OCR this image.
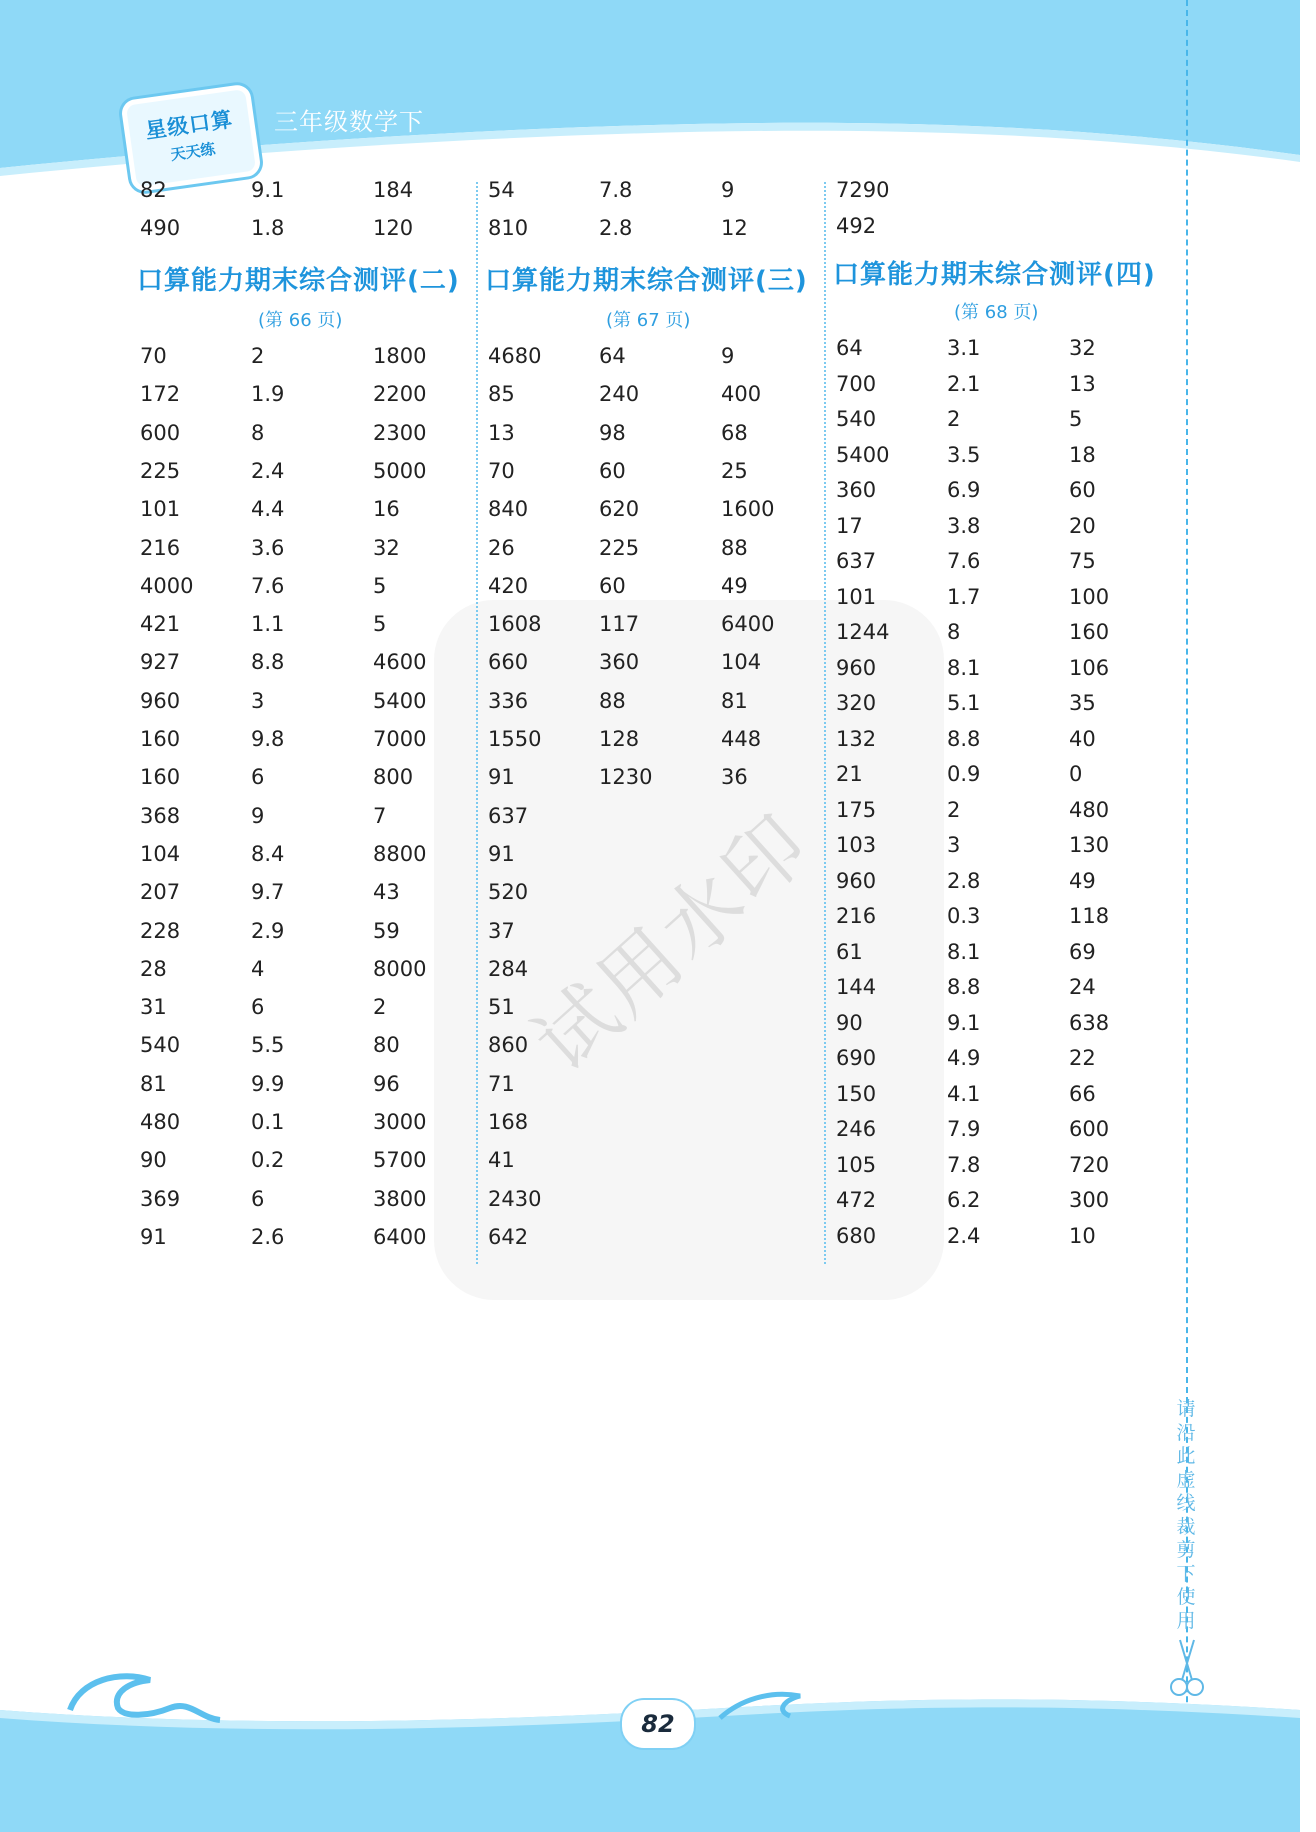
星级口算
天天练
三年级数学下
试用水印
82	9.1	184
490	1.8	120
口算能力期末综合测评(二)
(第 66 页)
70	2	1800
172	1.9	2200
600	8	2300
225	2.4	5000
101	4.4	16
216	3.6	32
4000	7.6	5
421	1.1	5
927	8.8	4600
960	3	5400
160	9.8	7000
160	6	800
368	9	7
104	8.4	8800
207	9.7	43
228	2.9	59
28	4	8000
31	6	2
540	5.5	80
81	9.9	96
480	0.1	3000
90	0.2	5700
369	6	3800
91	2.6	6400
54	7.8	9
810	2.8	12
口算能力期末综合测评(三)
(第 67 页)
4680	64	9
85	240	400
13	98	68
70	60	25
840	620	1600
26	225	88
420	60	49
1608	117	6400
660	360	104
336	88	81
1550	128	448
91	1230	36
637
91
520
37
284
51
860
71
168
41
2430
642
7290
492
口算能力期末综合测评(四)
(第 68 页)
64	3.1	32
700	2.1	13
540	2	5
5400	3.5	18
360	6.9	60
17	3.8	20
637	7.6	75
101	1.7	100
1244	8	160
960	8.1	106
320	5.1	35
132	8.8	40
21	0.9	0
175	2	480
103	3	130
960	2.8	49
216	0.3	118
61	8.1	69
144	8.8	24
90	9.1	638
690	4.9	22
150	4.1	66
246	7.9	600
105	7.8	720
472	6.2	300
680	2.4	10
请
沿
此
虚
线
裁
剪
下
使
用
82
